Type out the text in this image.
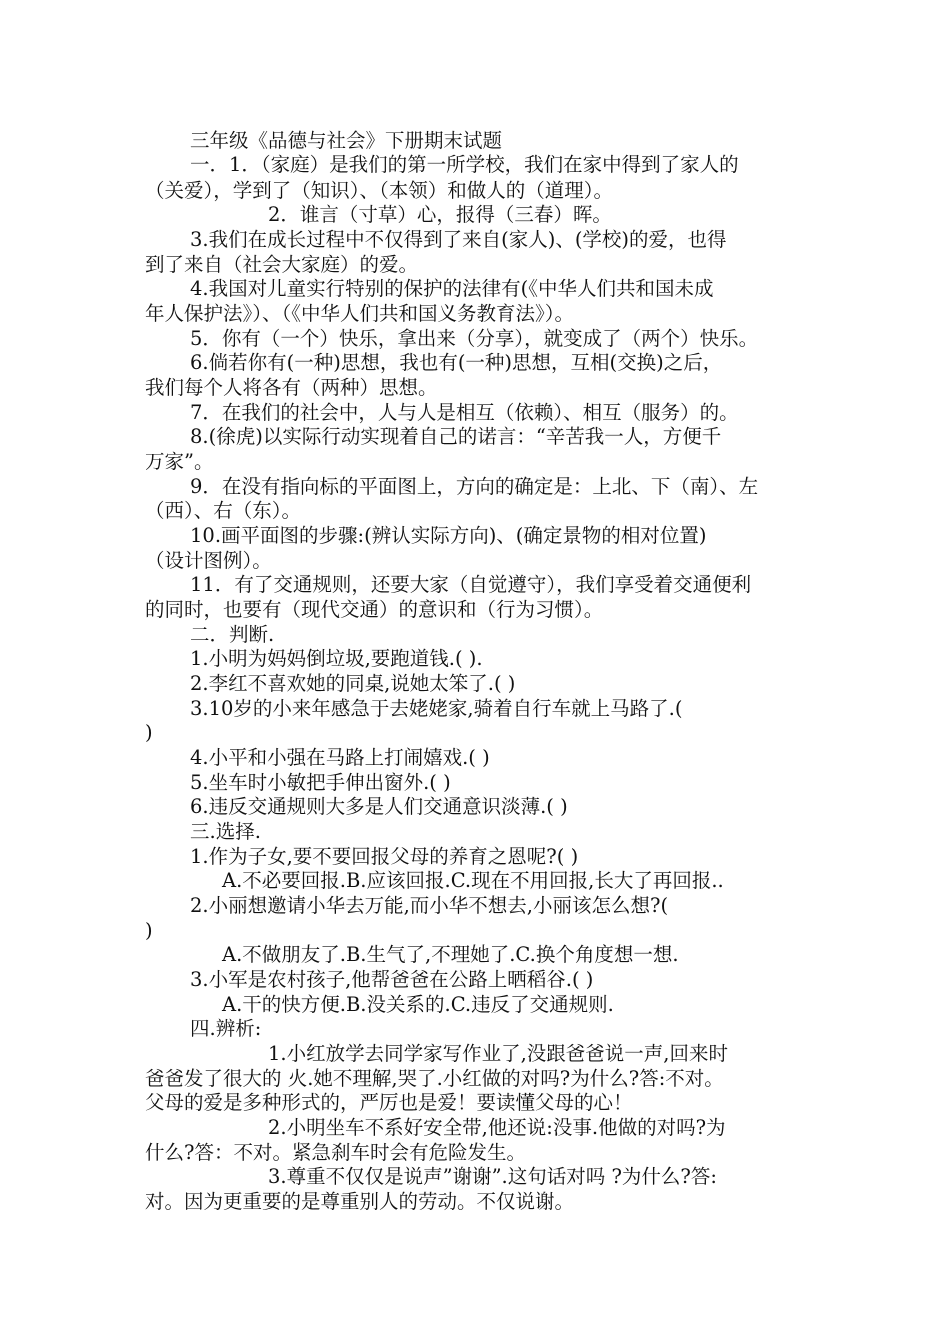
三年级《品德与社会》下册期末试题
一．1．（家庭）是我们的第一所学校，我们在家中得到了家人的
（关爱），学到了（知识）、（本领）和做人的（道理）。
2．谁言（寸草）心，报得（三春）晖。
3.我们在成长过程中不仅得到了来自(家人)、(学校)的爱，也得
到了来自（社会大家庭）的爱。
4.我国对儿童实行特别的保护的法律有(《中华人们共和国未成
年人保护法》）、（《中华人们共和国义务教育法》）。
5．你有（一个）快乐，拿出来（分享），就变成了（两个）快乐。
6.倘若你有(一种)思想，我也有(一种)思想，互相(交换)之后，
我们每个人将各有（两种）思想。
7．在我们的社会中，人与人是相互（依赖）、相互（服务）的。
8.(徐虎)以实际行动实现着自己的诺言：“辛苦我一人，方便千
万家”。
9．在没有指向标的平面图上，方向的确定是：上北、下（南）、左
（西）、右（东）。
10.画平面图的步骤:(辨认实际方向)、(确定景物的相对位置)
（设计图例）。
11．有了交通规则，还要大家（自觉遵守），我们享受着交通便利
的同时，也要有（现代交通）的意识和（行为习惯）。
二．判断.
1.小明为妈妈倒垃圾,要跑道钱.( ).
2.李红不喜欢她的同桌,说她太笨了.( )
3.10岁的小来年感急于去姥姥家,骑着自行车就上马路了.(
)
4.小平和小强在马路上打闹嬉戏.( )
5.坐车时小敏把手伸出窗外.( )
6.违反交通规则大多是人们交通意识淡薄.( )
三.选择.
1.作为子女,要不要回报父母的养育之恩呢?( )
A.不必要回报.B.应该回报.C.现在不用回报,长大了再回报..
2.小丽想邀请小华去万能,而小华不想去,小丽该怎么想?(
)
A.不做朋友了.B.生气了,不理她了.C.换个角度想一想.
3.小军是农村孩子,他帮爸爸在公路上晒稻谷.( )
A.干的快方便.B.没关系的.C.违反了交通规则.
四.辨析:
1.小红放学去同学家写作业了,没跟爸爸说一声,回来时
爸爸发了很大的 火.她不理解,哭了.小红做的对吗?为什么?答:不对。
父母的爱是多种形式的，严厉也是爱！要读懂父母的心！
2.小明坐车不系好安全带,他还说:没事.他做的对吗?为
什么?答：不对。紧急刹车时会有危险发生。
3.尊重不仅仅是说声”谢谢”.这句话对吗 ?为什么?答:
对。因为更重要的是尊重别人的劳动。不仅说谢。
